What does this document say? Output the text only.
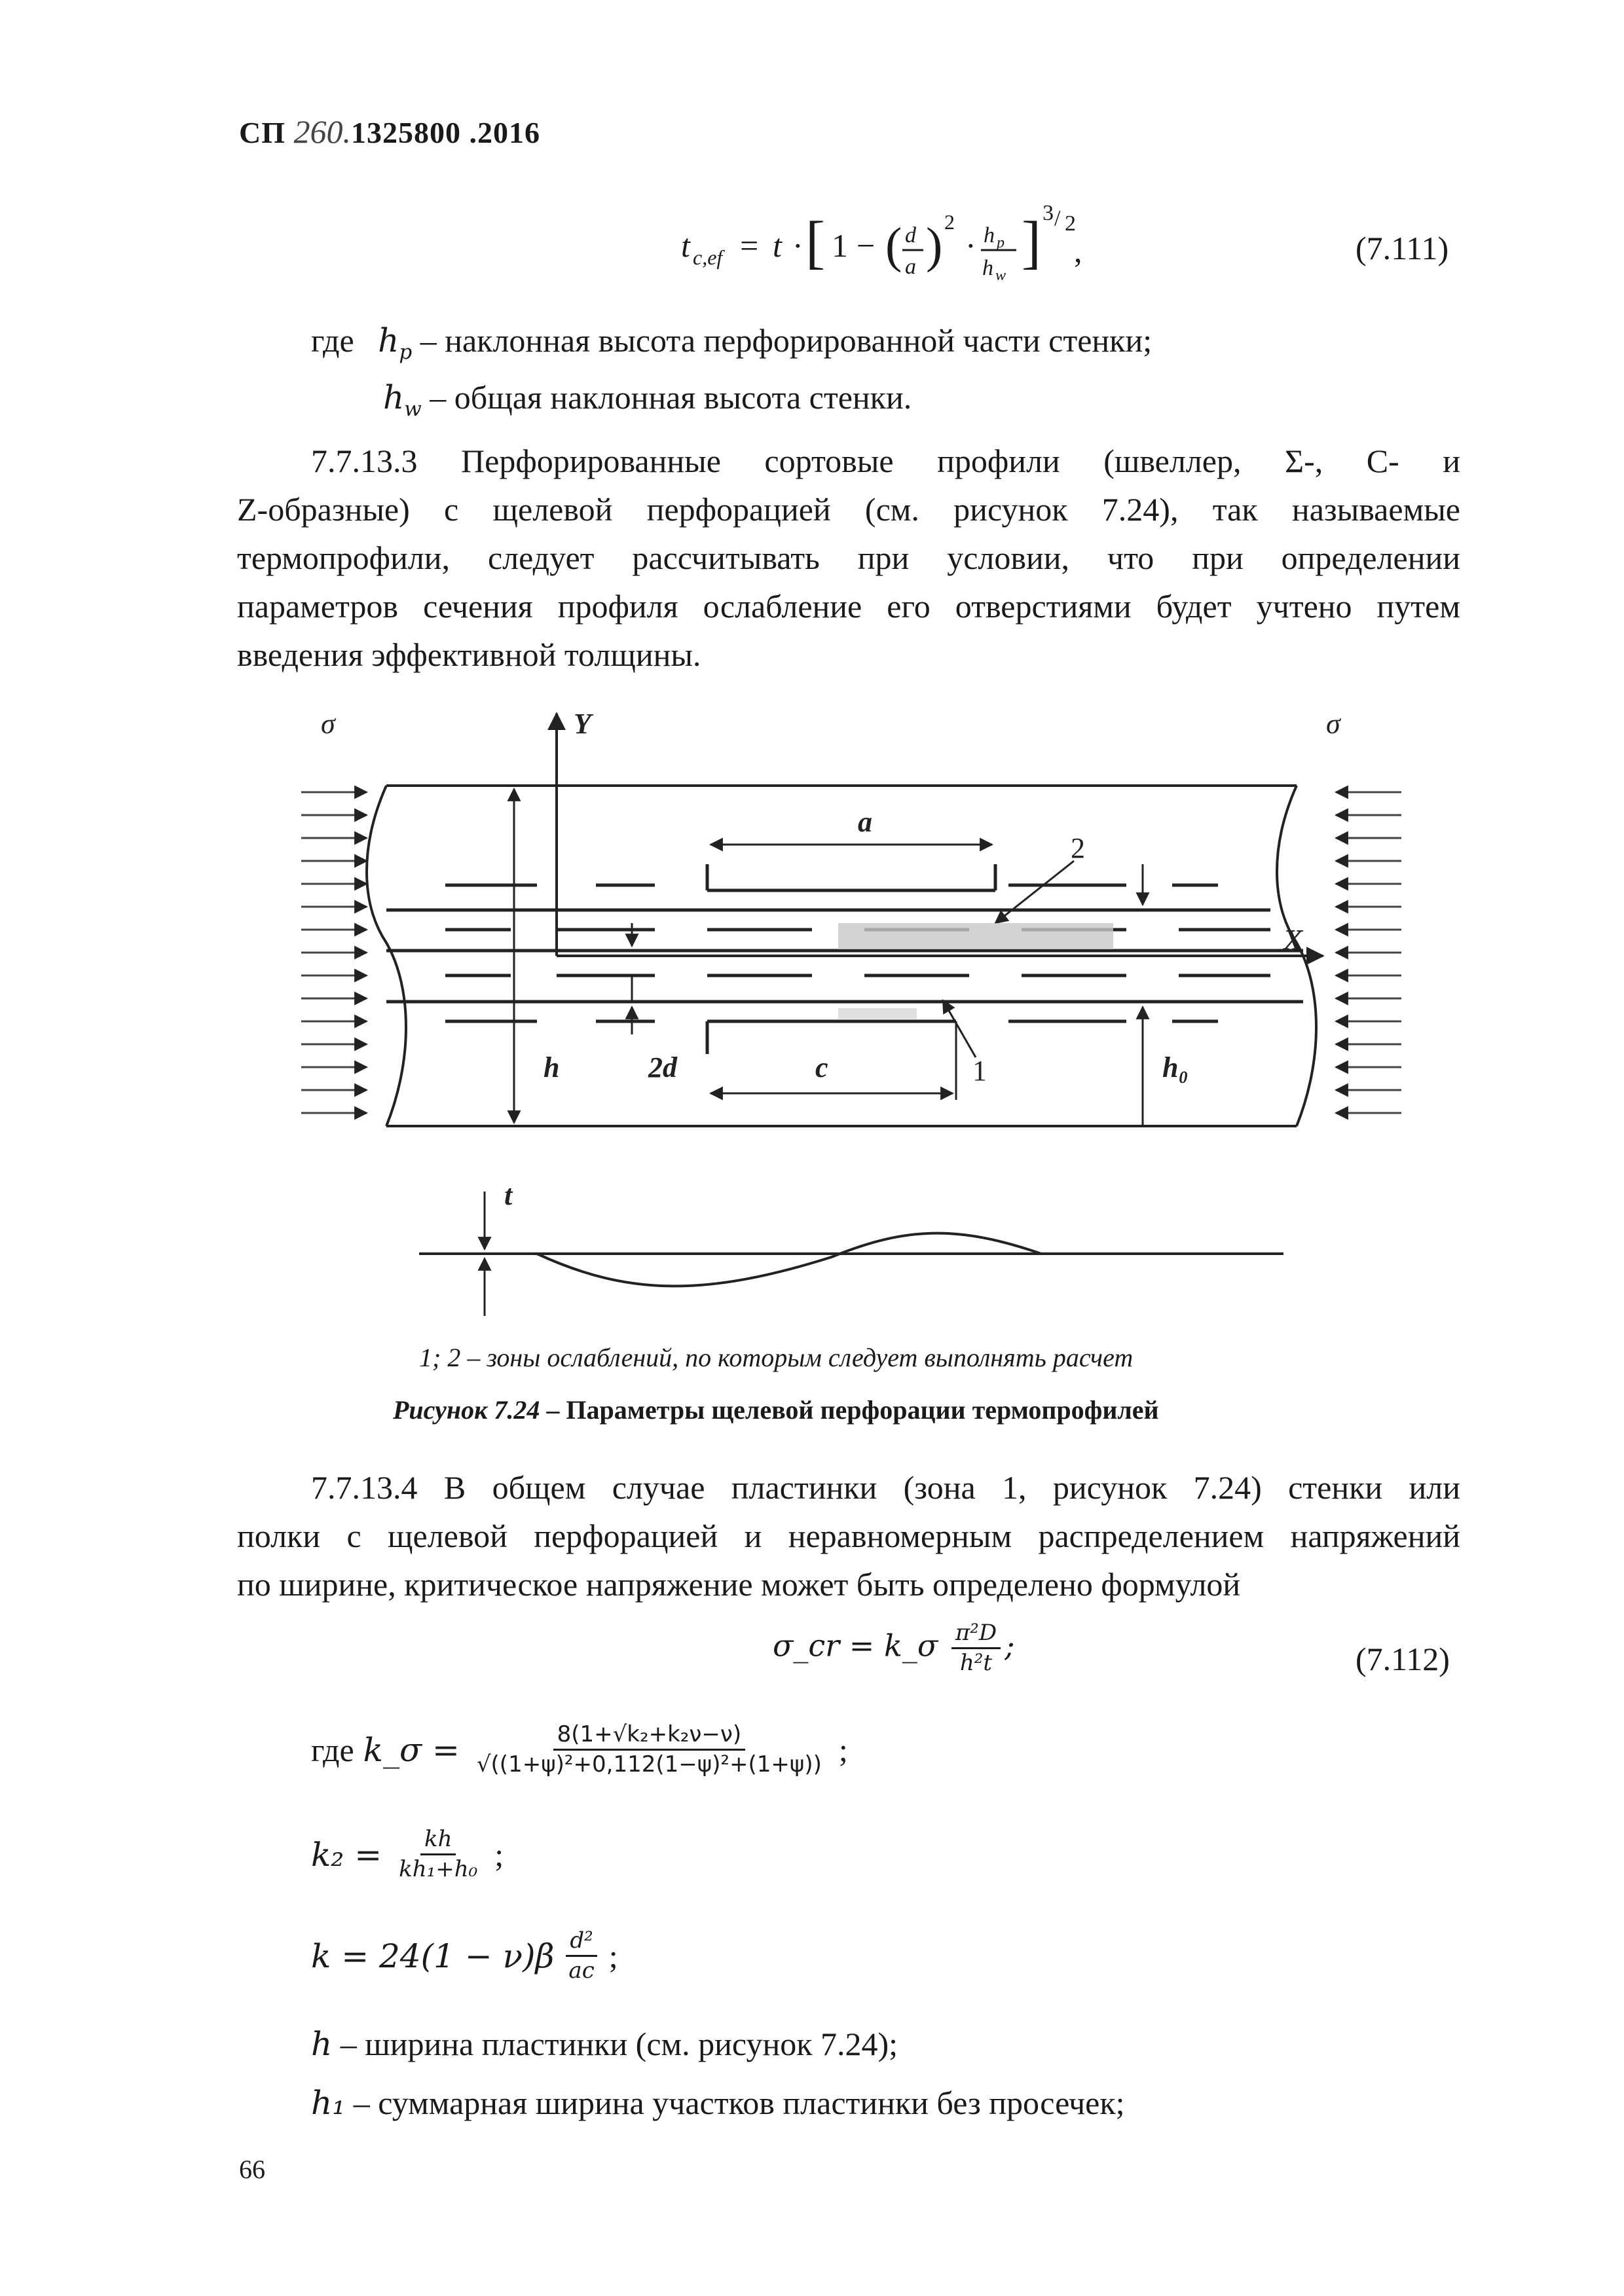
СП 260.1325800 .2016
t c,ef = t · [ 1 − ( d
a ) 2
· h p
h w
] 3 / 2
,	(7.111)
где $h_p$ – наклонная высота перфорированной части стенки;
$h_w$ – общая наклонная высота стенки.
7.7.13.3 Перфорированные сортовые профили (швеллер, Σ-, С- и
Z-образные) с щелевой перфорацией (см. рисунок 7.24), так называемые
термопрофили, следует рассчитывать при условии, что при определении
параметров сечения профиля ослабление его отверстиями будет учтено путем
введения эффективной толщины.
σ	σ
Y
X
a
c
h	2d	h₀
t
2
1
1; 2 – зоны ослаблений, по которым следует выполнять расчет
Рисунок 7.24 – Параметры щелевой перфорации термопрофилей
7.7.13.4 В общем случае пластинки (зона 1, рисунок 7.24) стенки или
полки с щелевой перфорацией и неравномерным распределением напряжений
по ширине, критическое напряжение может быть определено формулой
σ_cr = k_σ $\frac{\text{π²D}}{\text{h²t}}$ ;	(7.112)
где k_σ = $\frac{\text{8(1+√k₂+k₂ν−ν)}}{\text{√((1+ψ)²+0,112(1−ψ)²+(1+ψ))}}$ ;
$k_2 = \frac{kh}{\text{kh₁+h₀}}$ ;
$k = 24(1 - \nu)\beta \frac{\text{d²}}{ac}$ ;
h – ширина пластинки (см. рисунок 7.24);
h₁ – суммарная ширина участков пластинки без просечек;
66
